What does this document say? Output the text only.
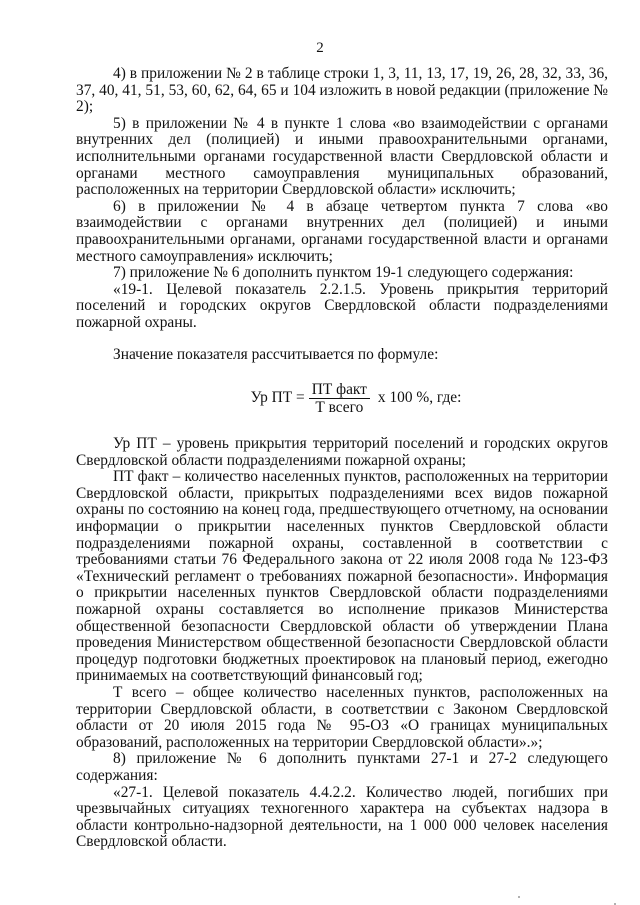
2

4) в приложении № 2 в таблице строки 1, 3, 11, 13, 17, 19, 26, 28, 32, 33, 36, 37, 40, 41, 51, 53, 60, 62, 64, 65 и 104 изложить в новой редакции (приложение № 2);

5) в приложении № 4 в пункте 1 слова «во взаимодействии с органами внутренних дел (полицией) и иными правоохранительными органами, исполнительными органами государственной власти Свердловской области и органами местного самоуправления муниципальных образований, расположенных на территории Свердловской области» исключить;

6) в приложении № 4 в абзаце четвертом пункта 7 слова «во взаимодействии с органами внутренних дел (полицией) и иными правоохранительными органами, органами государственной власти и органами местного самоуправления» исключить;

7) приложение № 6 дополнить пунктом 19-1 следующего содержания:

«19-1. Целевой показатель 2.2.1.5. Уровень прикрытия территорий поселений и городских округов Свердловской области подразделениями пожарной охраны.

Значение показателя рассчитывается по формуле:

Ур ПТ = $\frac{\text{ПТ факт}}{\text{Т всего}}$ х 100 %, где:

Ур ПТ – уровень прикрытия территорий поселений и городских округов Свердловской области подразделениями пожарной охраны;

ПТ факт – количество населенных пунктов, расположенных на территории Свердловской области, прикрытых подразделениями всех видов пожарной охраны по состоянию на конец года, предшествующего отчетному, на основании информации о прикрытии населенных пунктов Свердловской области подразделениями пожарной охраны, составленной в соответствии с требованиями статьи 76 Федерального закона от 22 июля 2008 года № 123-ФЗ «Технический регламент о требованиях пожарной безопасности». Информация о прикрытии населенных пунктов Свердловской области подразделениями пожарной охраны составляется во исполнение приказов Министерства общественной безопасности Свердловской области об утверждении Плана проведения Министерством общественной безопасности Свердловской области процедур подготовки бюджетных проектировок на плановый период, ежегодно принимаемых на соответствующий финансовый год;

Т всего – общее количество населенных пунктов, расположенных на территории Свердловской области, в соответствии с Законом Свердловской области от 20 июля 2015 года № 95-ОЗ «О границах муниципальных образований, расположенных на территории Свердловской области».»;

8) приложение № 6 дополнить пунктами 27-1 и 27-2 следующего содержания:

«27-1. Целевой показатель 4.4.2.2. Количество людей, погибших при чрезвычайных ситуациях техногенного характера на субъектах надзора в области контрольно-надзорной деятельности, на 1 000 000 человек населения Свердловской области.
